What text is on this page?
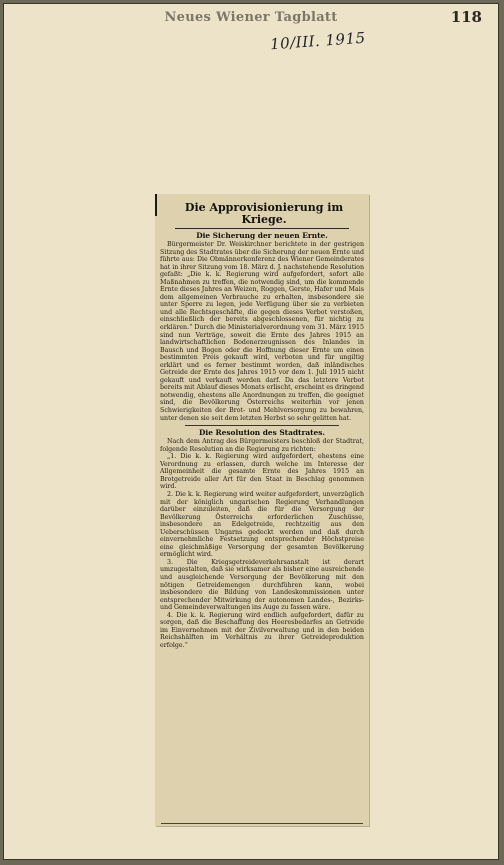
Neues Wiener Tagblatt	118
10/III. 1915
Die Approvisionierung im Kriege.
Die Sicherung der neuen Ernte.
Bürgermeister Dr. Weiskirchner berichtete in der gestrigen Sitzung des Stadtrates über die Sicherung der neuen Ernte und führte aus: Die Obmännerkonferenz des Wiener Gemeinderates hat in ihrer Sitzung vom 18. März d. J. nachstehende Resolution gefaßt: „Die k. k. Regierung wird aufgefordert, sofort alle Maßnahmen zu treffen, die notwendig sind, um die kommende Ernte dieses Jahres an Weizen, Roggen, Gerste, Hafer und Mais dem allgemeinen Verbrauche zu erhalten, insbesondere sie unter Sperre zu legen, jede Verfügung über sie zu verbieten und alle Rechtsgeschäfte, die gegen dieses Verbot verstoßen, einschließlich der bereits abgeschlossenen, für nichtig zu erklären.“ Durch die Ministerialverordnung vom 31. März 1915 sind nun Verträge, soweit die Ernte des Jahres 1915 an landwirtschaftlichen Bodenerzeugnissen des Inlandes in Bausch und Bogen oder die Hoffnung dieser Ernte um einen bestimmten Preis gekauft wird, verboten und für ungiltig erklärt und es ferner bestimmt worden, daß inländisches Getreide der Ernte des Jahres 1915 vor dem 1. Juli 1915 nicht gekauft und verkauft werden darf. Da das letztere Verbot bereits mit Ablauf dieses Monats erlischt, erscheint es dringend notwendig, ehestens alle Anordnungen zu treffen, die geeignet sind, die Bevölkerung Österreichs weiterhin vor jenen Schwierigkeiten der Brot- und Mehlversorgung zu bewahren, unter denen sie seit dem letzten Herbst so sehr gelitten hat.
Die Resolution des Stadtrates.
Nach dem Antrag des Bürgermeisters beschloß der Stadtrat, folgende Resolution an die Regierung zu richten:
„1. Die k. k. Regierung wird aufgefordert, ehestens eine Verordnung zu erlassen, durch welche im Interesse der Allgemeinheit die gesamte Ernte des Jahres 1915 an Brotgetreide aller Art für den Staat in Beschlag genommen wird.
2. Die k. k. Regierung wird weiter aufgefordert, unverzüglich mit der königlich ungarischen Regierung Verhandlungen darüber einzuleiten, daß die für die Versorgung der Bevölkerung Österreichs erforderlichen Zuschüsse, insbesondere an Edelgetreide, rechtzeitig aus den Ueberschüssen Ungarns gedeckt werden und daß durch einvernehmliche Festsetzung entsprechender Höchstpreise eine gleichmäßige Versorgung der gesamten Bevölkerung ermöglicht wird.
3. Die Kriegsgetreideverkehrsanstalt ist derart umzugestalten, daß sie wirksamer als bisher eine ausreichende und ausgleichende Versorgung der Bevölkerung mit den nötigen Getreidemengen durchführen kann, wobei insbesondere die Bildung von Landeskommissionen unter entsprechender Mitwirkung der autonomen Landes-, Bezirks- und Gemeindeverwaltungen ins Auge zu fassen wäre.
4. Die k. k. Regierung wird endlich aufgefordert, dafür zu sorgen, daß die Beschaffung des Heeresbedarfes an Getreide im Einvernehmen mit der Zivilverwaltung und in den beiden Reichshälften im Verhältnis zu ihrer Getreideproduktion erfolge.“
